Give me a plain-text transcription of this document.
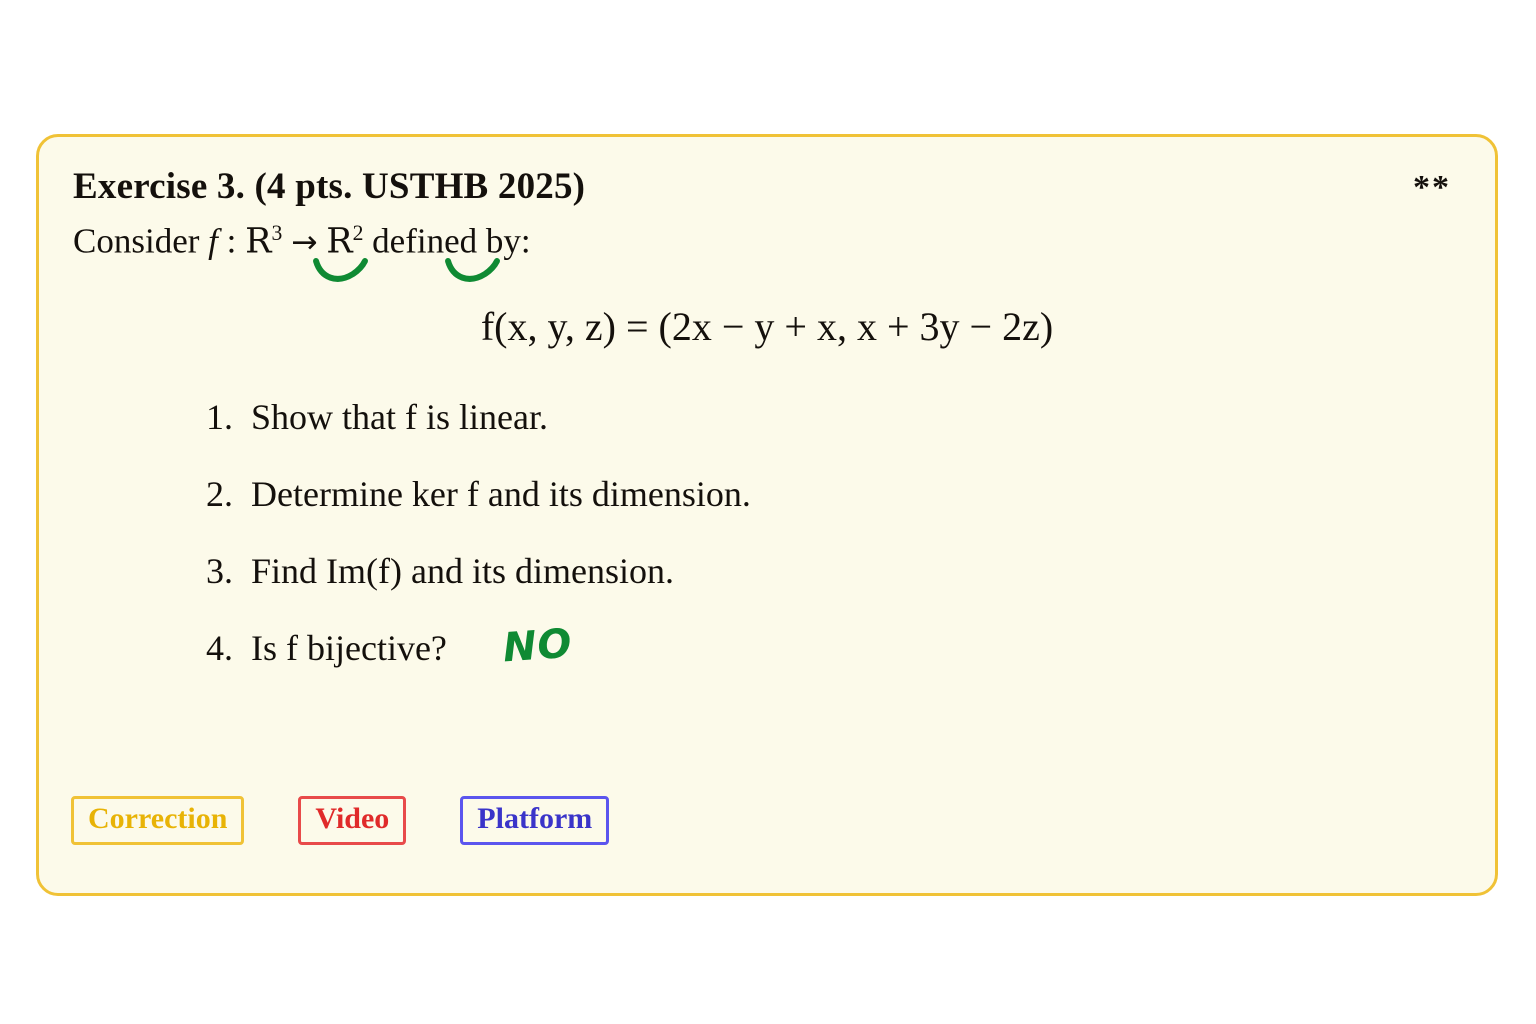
Exercise 3. (4 pts. USTHB 2025)	**
Consider f : $R^3 \to R^2$ defined by:
f(x, y, z) = (2x − y + x, x + 3y − 2z)
1. Show that f is linear.
2. Determine ker f and its dimension.
3. Find Im(f) and its dimension.
4. Is f bijective? NO
Correction	Video	Platform
